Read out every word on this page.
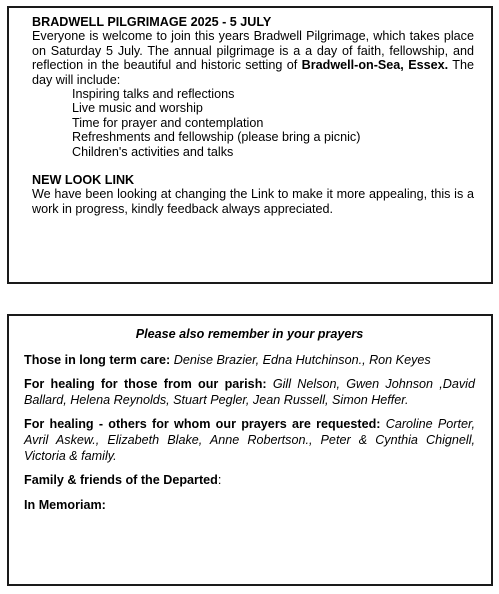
BRADWELL PILGRIMAGE 2025 - 5 JULY
Everyone is welcome to join this years Bradwell Pilgrimage, which takes place on Saturday 5 July. The annual pilgrimage is a a day of faith, fellowship, and reflection in the beautiful and historic setting of Bradwell-on-Sea, Essex. The day will include:
Inspiring talks and reflections
Live music and worship
Time for prayer and contemplation
Refreshments and fellowship (please bring a picnic)
Children's activities and talks
NEW LOOK LINK
We have been looking at changing the Link to make it more appealing, this is a work in progress, kindly feedback always appreciated.
Please also remember in your prayers
Those in long term care: Denise Brazier, Edna Hutchinson., Ron Keyes
For healing for those from our parish: Gill Nelson, Gwen Johnson ,David Ballard, Helena Reynolds, Stuart Pegler, Jean Russell, Simon Heffer.
For healing - others for whom our prayers are requested: Caroline Porter, Avril Askew., Elizabeth Blake, Anne Robertson., Peter & Cynthia Chignell, Victoria & family.
Family & friends of the Departed:
In Memoriam:
